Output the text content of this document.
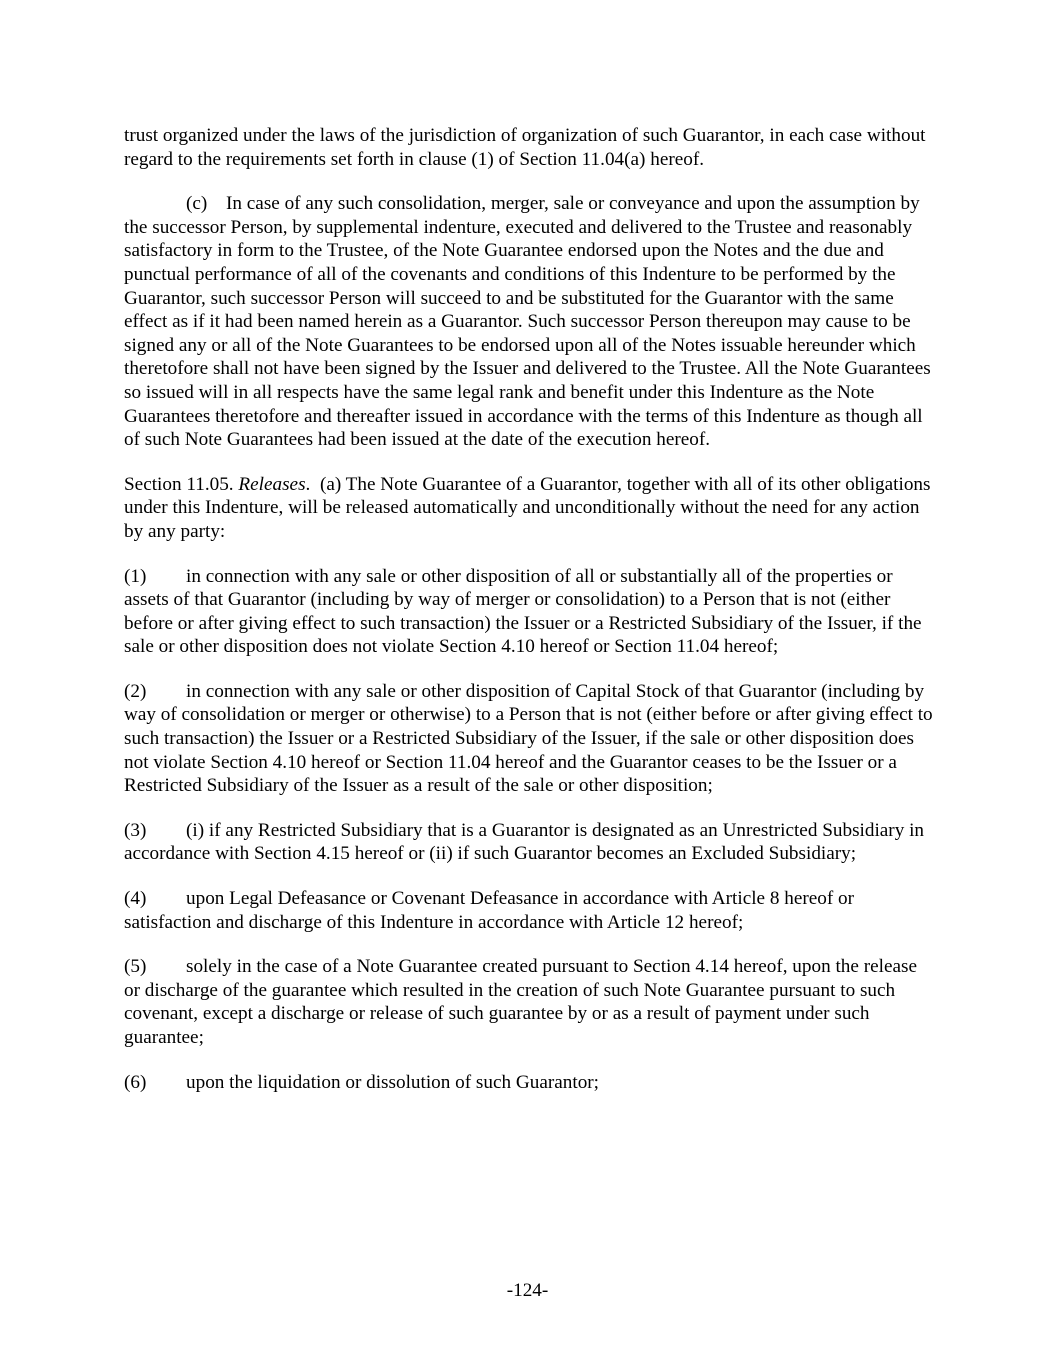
trust organized under the laws of the jurisdiction of organization of such Guarantor, in each case without regard to the requirements set forth in clause (1) of Section 11.04(a) hereof.

(c) In case of any such consolidation, merger, sale or conveyance and upon the assumption by the successor Person, by supplemental indenture, executed and delivered to the Trustee and reasonably satisfactory in form to the Trustee, of the Note Guarantee endorsed upon the Notes and the due and punctual performance of all of the covenants and conditions of this Indenture to be performed by the Guarantor, such successor Person will succeed to and be substituted for the Guarantor with the same effect as if it had been named herein as a Guarantor. Such successor Person thereupon may cause to be signed any or all of the Note Guarantees to be endorsed upon all of the Notes issuable hereunder which theretofore shall not have been signed by the Issuer and delivered to the Trustee. All the Note Guarantees so issued will in all respects have the same legal rank and benefit under this Indenture as the Note Guarantees theretofore and thereafter issued in accordance with the terms of this Indenture as though all of such Note Guarantees had been issued at the date of the execution hereof.

Section 11.05. Releases. (a) The Note Guarantee of a Guarantor, together with all of its other obligations under this Indenture, will be released automatically and unconditionally without the need for any action by any party:

(1) in connection with any sale or other disposition of all or substantially all of the properties or assets of that Guarantor (including by way of merger or consolidation) to a Person that is not (either before or after giving effect to such transaction) the Issuer or a Restricted Subsidiary of the Issuer, if the sale or other disposition does not violate Section 4.10 hereof or Section 11.04 hereof;

(2) in connection with any sale or other disposition of Capital Stock of that Guarantor (including by way of consolidation or merger or otherwise) to a Person that is not (either before or after giving effect to such transaction) the Issuer or a Restricted Subsidiary of the Issuer, if the sale or other disposition does not violate Section 4.10 hereof or Section 11.04 hereof and the Guarantor ceases to be the Issuer or a Restricted Subsidiary of the Issuer as a result of the sale or other disposition;

(3) (i) if any Restricted Subsidiary that is a Guarantor is designated as an Unrestricted Subsidiary in accordance with Section 4.15 hereof or (ii) if such Guarantor becomes an Excluded Subsidiary;

(4) upon Legal Defeasance or Covenant Defeasance in accordance with Article 8 hereof or satisfaction and discharge of this Indenture in accordance with Article 12 hereof;

(5) solely in the case of a Note Guarantee created pursuant to Section 4.14 hereof, upon the release or discharge of the guarantee which resulted in the creation of such Note Guarantee pursuant to such covenant, except a discharge or release of such guarantee by or as a result of payment under such guarantee;

(6) upon the liquidation or dissolution of such Guarantor;

-124-
